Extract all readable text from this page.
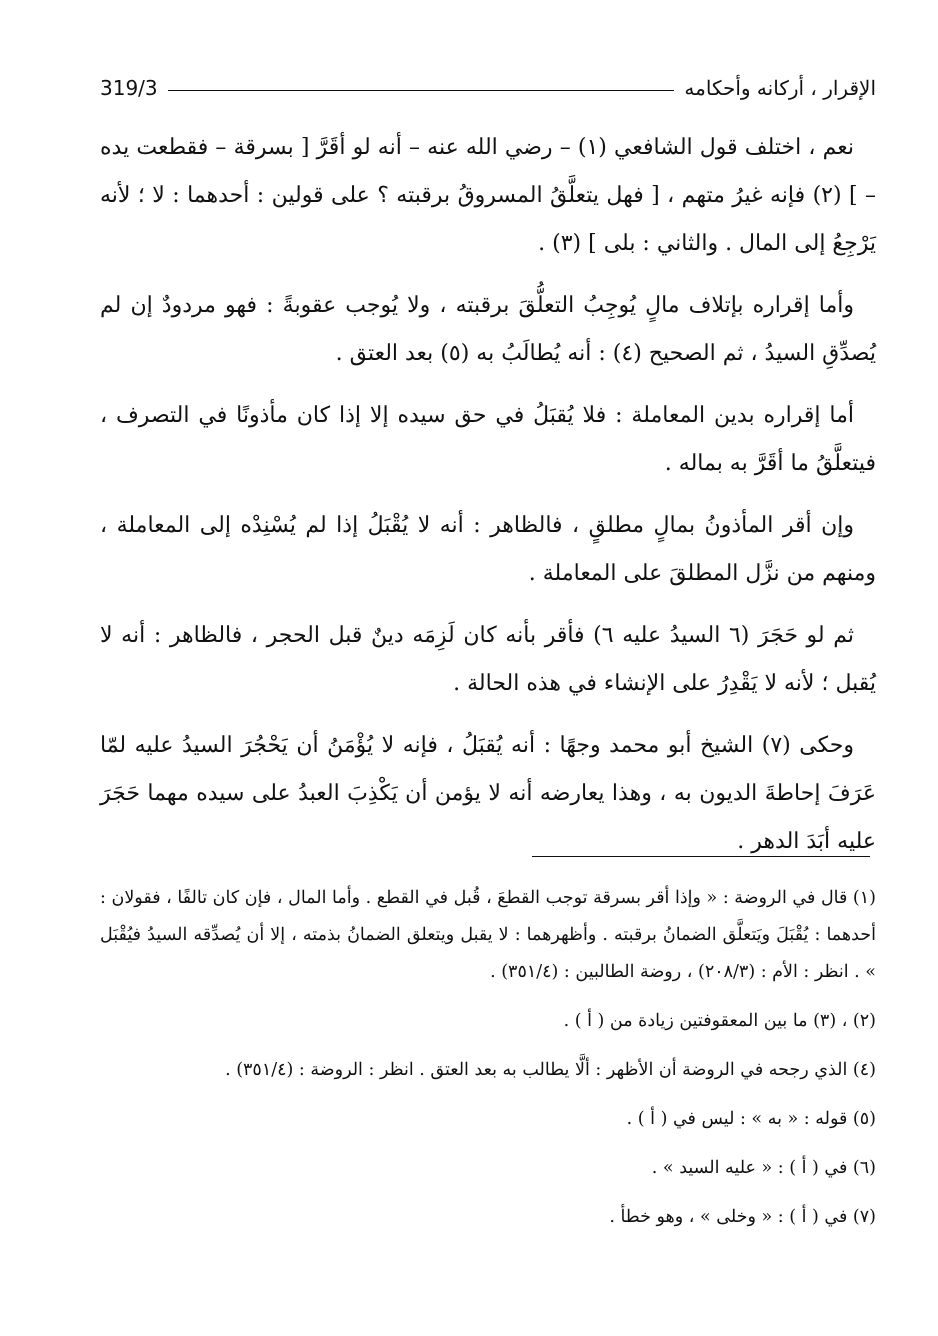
الإقرار ، أركانه وأحكامه
319/3

نعم ، اختلف قول الشافعي (١) – رضي الله عنه – أنه لو أقَرَّ [ بسرقة – فقطعت يده – ] (٢) فإنه غيرُ متهم ، [ فهل يتعلَّقُ المسروقُ برقبته ؟ على قولين : أحدهما : لا ؛ لأنه يَرْجِعُ إلى المال . والثاني : بلى ] (٣) .

وأما إقراره بإتلاف مالٍ يُوجِبُ التعلُّقَ برقبته ، ولا يُوجب عقوبةً : فهو مردودٌ إن لم يُصدِّقِ السيدُ ، ثم الصحيح (٤) : أنه يُطالَبُ به (٥) بعد العتق .

أما إقراره بدين المعاملة : فلا يُقبَلُ في حق سيده إلا إذا كان مأذونًا في التصرف ، فيتعلَّقُ ما أقَرَّ به بماله .

وإن أقر المأذونُ بمالٍ مطلقٍ ، فالظاهر : أنه لا يُقْبَلُ إذا لم يُسْنِدْه إلى المعاملة ، ومنهم من نزَّل المطلقَ على المعاملة .

ثم لو حَجَرَ (٦ السيدُ عليه ٦) فأقر بأنه كان لَزِمَه دينٌ قبل الحجر ، فالظاهر : أنه لا يُقبل ؛ لأنه لا يَقْدِرُ على الإنشاء في هذه الحالة .

وحكى (٧) الشيخ أبو محمد وجهًا : أنه يُقبَلُ ، فإنه لا يُؤْمَنُ أن يَحْجُرَ السيدُ عليه لمّا عَرَفَ إحاطةَ الديون به ، وهذا يعارضه أنه لا يؤمن أن يَكْذِبَ العبدُ على سيده مهما حَجَرَ عليه أبَدَ الدهر .

(١) قال في الروضة : « وإذا أقر بسرقة توجب القطعَ ، قُبل في القطع . وأما المال ، فإن كان تالفًا ، فقولان : أحدهما : يُقْبَلَ ويَتعلَّق الضمانُ برقبته . وأظهرهما : لا يقبل ويتعلق الضمانُ بذمته ، إلا أن يُصدِّقه السيدُ فيُقْبَل » . انظر : الأم : (٢٠٨/٣) ، روضة الطالبين : (٣٥١/٤) .

(٢) ، (٣) ما بين المعقوفتين زيادة من ( أ ) .

(٤) الذي رجحه في الروضة أن الأظهر : ألَّا يطالب به بعد العتق . انظر : الروضة : (٣٥١/٤) .

(٥) قوله : « به » : ليس في ( أ ) .

(٦) في ( أ ) : « عليه السيد » .

(٧) في ( أ ) : « وخلى » ، وهو خطأ .
